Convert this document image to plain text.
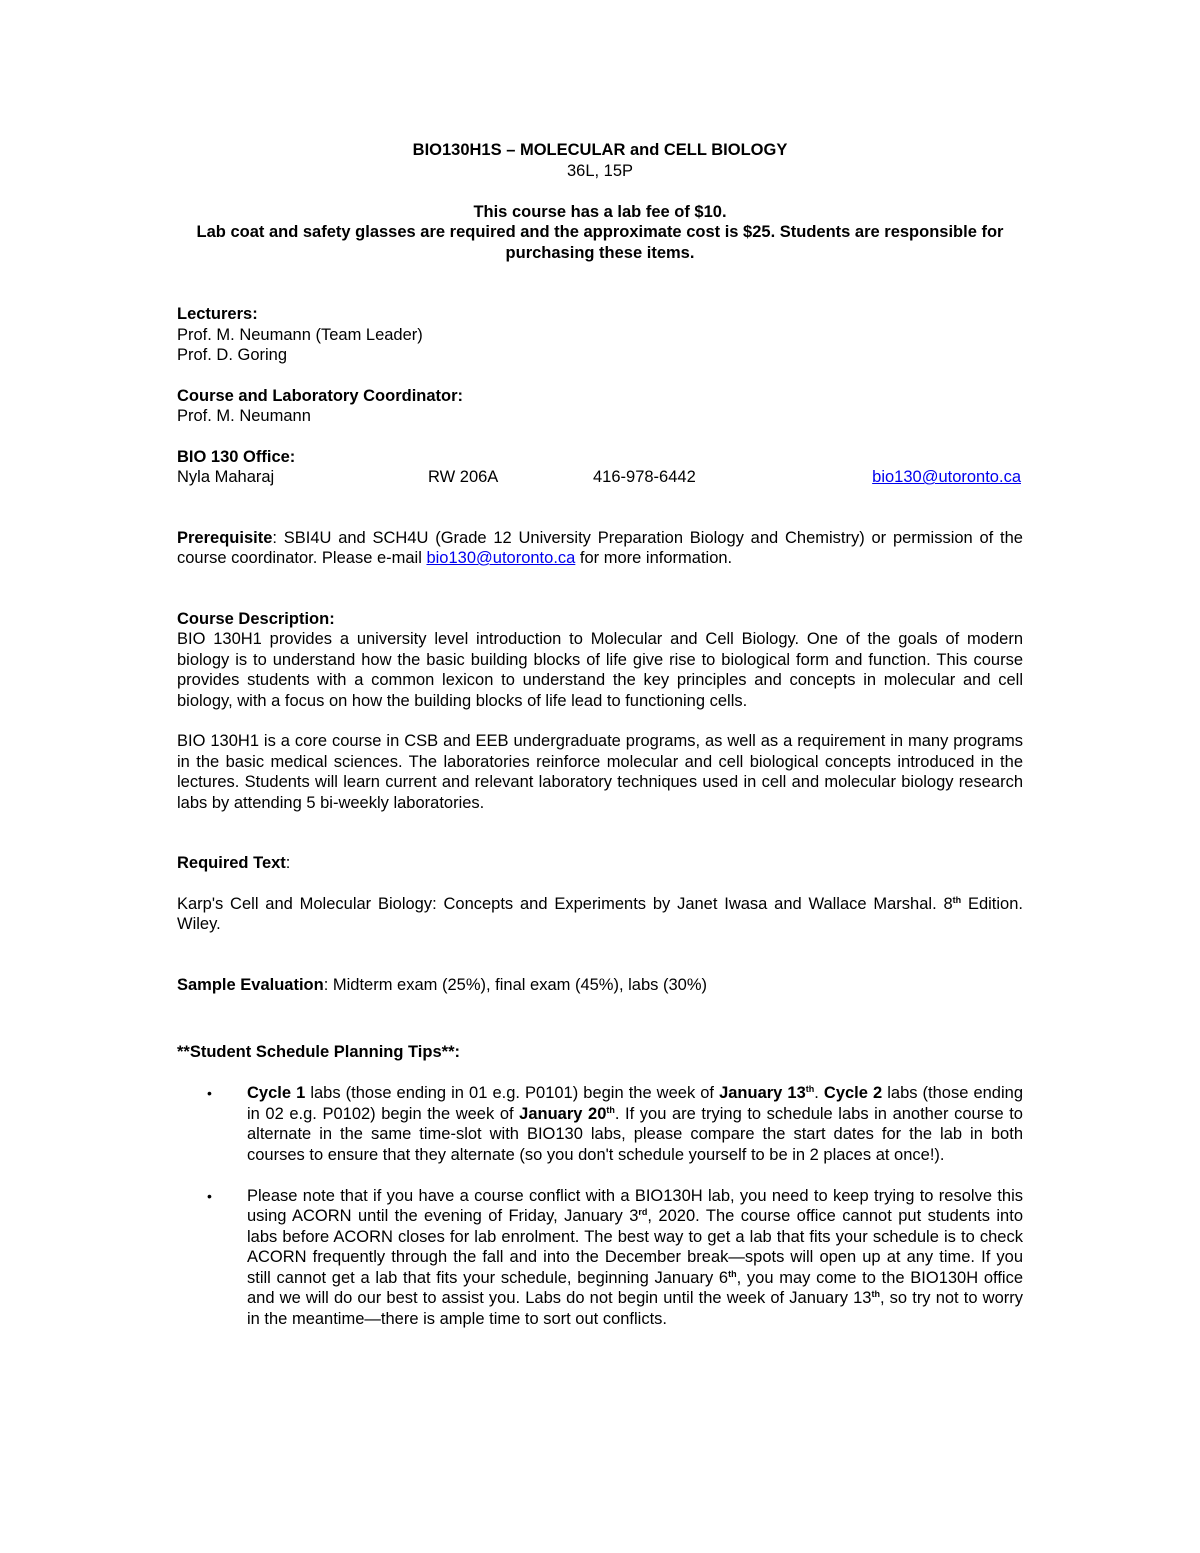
BIO130H1S – MOLECULAR and CELL BIOLOGY
36L, 15P
This course has a lab fee of $10.
Lab coat and safety glasses are required and the approximate cost is $25. Students are responsible for purchasing these items.
Lecturers:
Prof. M. Neumann (Team Leader)
Prof. D. Goring
Course and Laboratory Coordinator:
Prof. M. Neumann
BIO 130 Office:
Nyla Maharaj	RW 206A	416-978-6442	bio130@utoronto.ca
Prerequisite: SBI4U and SCH4U (Grade 12 University Preparation Biology and Chemistry) or permission of the course coordinator. Please e-mail bio130@utoronto.ca for more information.
Course Description:
BIO 130H1 provides a university level introduction to Molecular and Cell Biology. One of the goals of modern biology is to understand how the basic building blocks of life give rise to biological form and function. This course provides students with a common lexicon to understand the key principles and concepts in molecular and cell biology, with a focus on how the building blocks of life lead to functioning cells.
BIO 130H1 is a core course in CSB and EEB undergraduate programs, as well as a requirement in many programs in the basic medical sciences. The laboratories reinforce molecular and cell biological concepts introduced in the lectures. Students will learn current and relevant laboratory techniques used in cell and molecular biology research labs by attending 5 bi-weekly laboratories.
Required Text:
Karp's Cell and Molecular Biology: Concepts and Experiments by Janet Iwasa and Wallace Marshal. 8th Edition. Wiley.
Sample Evaluation: Midterm exam (25%), final exam (45%), labs (30%)
**Student Schedule Planning Tips**:
• Cycle 1 labs (those ending in 01 e.g. P0101) begin the week of January 13th. Cycle 2 labs (those ending in 02 e.g. P0102) begin the week of January 20th. If you are trying to schedule labs in another course to alternate in the same time-slot with BIO130 labs, please compare the start dates for the lab in both courses to ensure that they alternate (so you don't schedule yourself to be in 2 places at once!).
• Please note that if you have a course conflict with a BIO130H lab, you need to keep trying to resolve this using ACORN until the evening of Friday, January 3rd, 2020. The course office cannot put students into labs before ACORN closes for lab enrolment. The best way to get a lab that fits your schedule is to check ACORN frequently through the fall and into the December break—spots will open up at any time. If you still cannot get a lab that fits your schedule, beginning January 6th, you may come to the BIO130H office and we will do our best to assist you. Labs do not begin until the week of January 13th, so try not to worry in the meantime—there is ample time to sort out conflicts.
